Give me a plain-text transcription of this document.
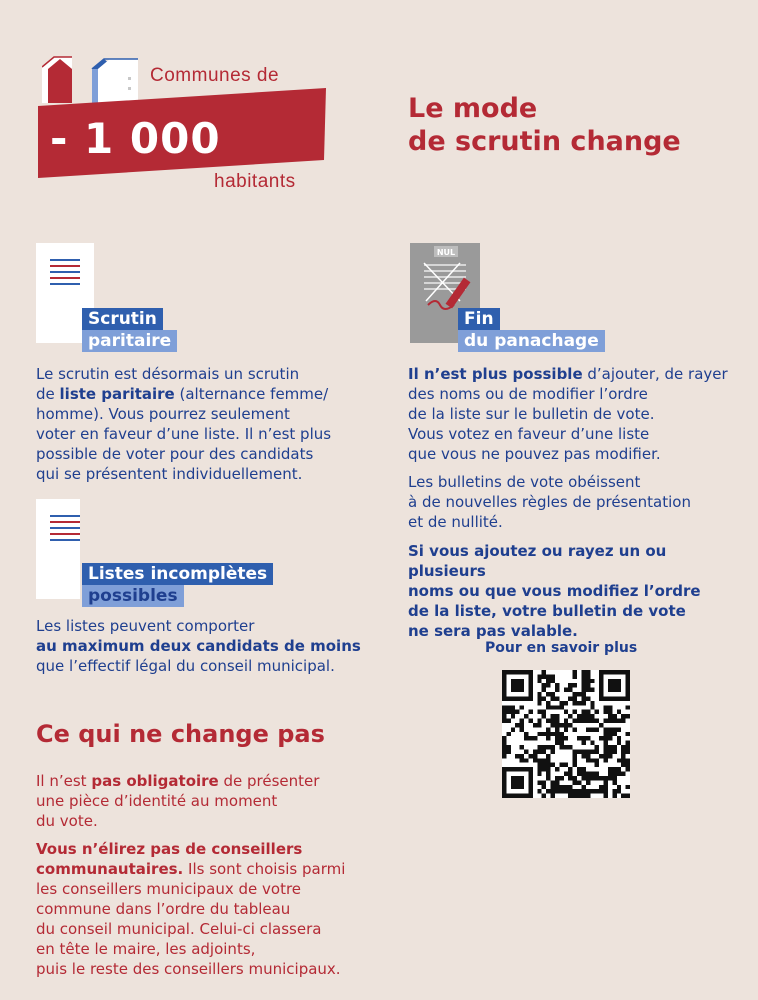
Communes de
- 1 000
habitants
Le mode
de scrutin change
Scrutin
paritaire
Le scrutin est désormais un scrutin
de liste paritaire (alternance femme/
homme). Vous pourrez seulement
voter en faveur d’une liste. Il n’est plus
possible de voter pour des candidats
qui se présentent individuellement.
Listes incomplètes
possibles
Les listes peuvent comporter
au maximum deux candidats de moins
que l’effectif légal du conseil municipal.
NUL
Fin
du panachage
Il n’est plus possible d’ajouter, de rayer
des noms ou de modifier l’ordre
de la liste sur le bulletin de vote.
Vous votez en faveur d’une liste
que vous ne pouvez pas modifier.
Les bulletins de vote obéissent
à de nouvelles règles de présentation
et de nullité.
Si vous ajoutez ou rayez un ou plusieurs
noms ou que vous modifiez l’ordre
de la liste, votre bulletin de vote
ne sera pas valable.
Pour en savoir plus
Ce qui ne change pas
Il n’est pas obligatoire de présenter
une pièce d’identité au moment
du vote.
Vous n’élirez pas de conseillers
communautaires. Ils sont choisis parmi
les conseillers municipaux de votre
commune dans l’ordre du tableau
du conseil municipal. Celui-ci classera
en tête le maire, les adjoints,
puis le reste des conseillers municipaux.
